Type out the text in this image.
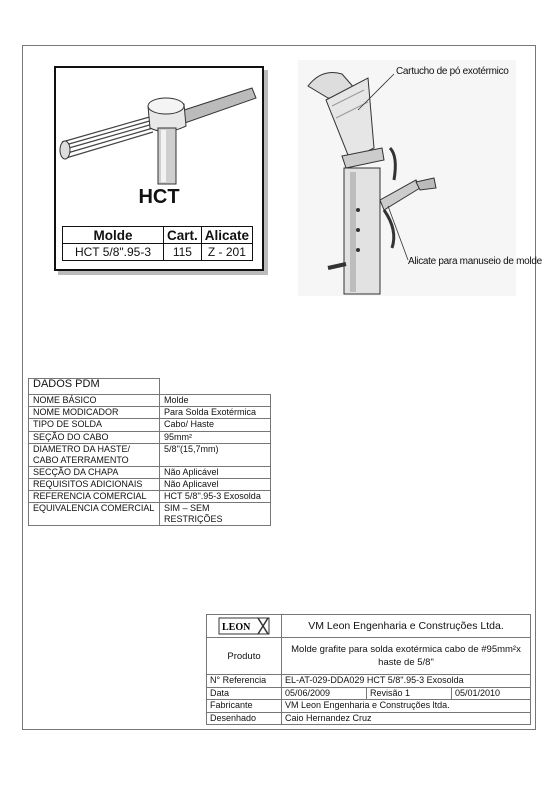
HCT
Molde	Cart.	Alicate
HCT 5/8".95-3	115	Z - 201
Cartucho de pó exotérmico
Alicate para manuseio de molde
DADOS PDM	
NOME BÁSICO	Molde
NOME MODICADOR	Para Solda Exotérmica
TIPO DE SOLDA	Cabo/ Haste
SEÇÃO DO CABO	95mm²
DIAMETRO DA HASTE/ CABO ATERRAMENTO	5/8''(15,7mm)
SECÇÃO DA CHAPA	Não Aplicável
REQUISITOS ADICIONAIS	Não Aplicavel
REFERENCIA COMERCIAL	HCT 5/8''.95-3 Exosolda
EQUIVALENCIA COMERCIAL	SIM – SEM RESTRIÇÕES
LEON	VM Leon Engenharia e Construções Ltda.		
Produto	Molde grafite para solda exotérmica cabo de #95mm²x haste de 5/8"		
N° Referencia	EL-AT-029-DDA029 HCT 5/8''.95-3 Exosolda		
Data	05/06/2009	Revisão 1	05/01/2010
Fabricante	VM Leon Engenharia e Construções ltda.		
Desenhado	Caio Hernandez Cruz		
